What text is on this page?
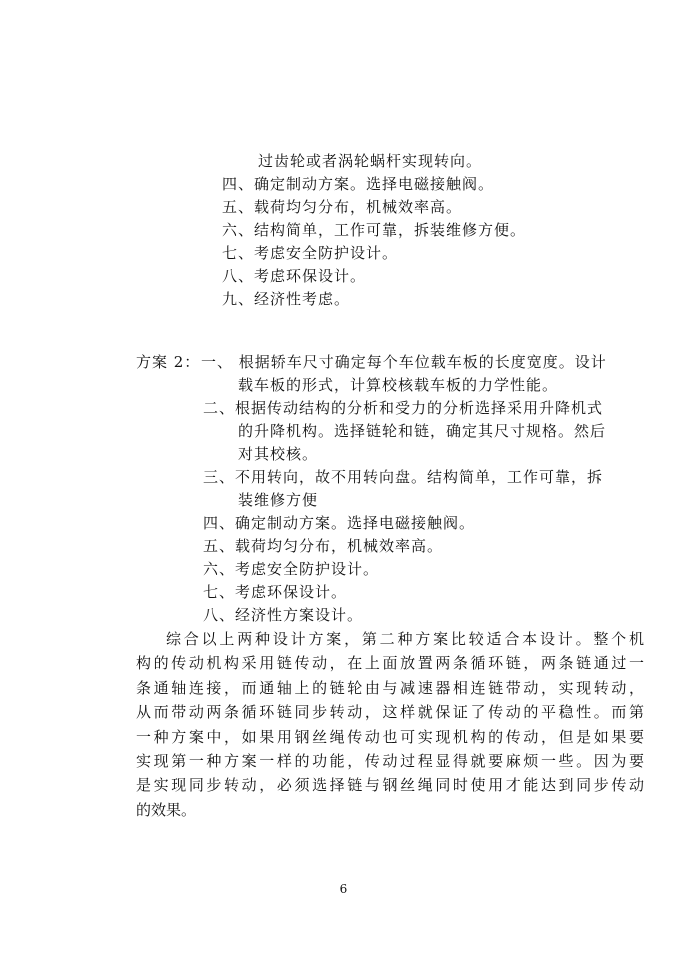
过齿轮或者涡轮蜗杆实现转向。
四、确定制动方案。选择电磁接触阀。
五、载荷均匀分布，机械效率高。
六、结构简单，工作可靠，拆装维修方便。
七、考虑安全防护设计。
八、考虑环保设计。
九、经济性考虑。
方案 2： 一、 根据轿车尺寸确定每个车位载车板的长度宽度。设计
载车板的形式，计算校核载车板的力学性能。
二、根据传动结构的分析和受力的分析选择采用升降机式
的升降机构。选择链轮和链，确定其尺寸规格。然后
对其校核。
三、不用转向，故不用转向盘。结构简单，工作可靠，拆
装维修方便
四、确定制动方案。选择电磁接触阀。
五、载荷均匀分布，机械效率高。
六、考虑安全防护设计。
七、考虑环保设计。
八、经济性方案设计。
综合以上两种设计方案，第二种方案比较适合本设计。整个机
构的传动机构采用链传动，在上面放置两条循环链，两条链通过一
条通轴连接，而通轴上的链轮由与减速器相连链带动，实现转动，
从而带动两条循环链同步转动，这样就保证了传动的平稳性。而第
一种方案中，如果用钢丝绳传动也可实现机构的传动，但是如果要
实现第一种方案一样的功能，传动过程显得就要麻烦一些。因为要
是实现同步转动，必须选择链与钢丝绳同时使用才能达到同步传动
的效果。
6
